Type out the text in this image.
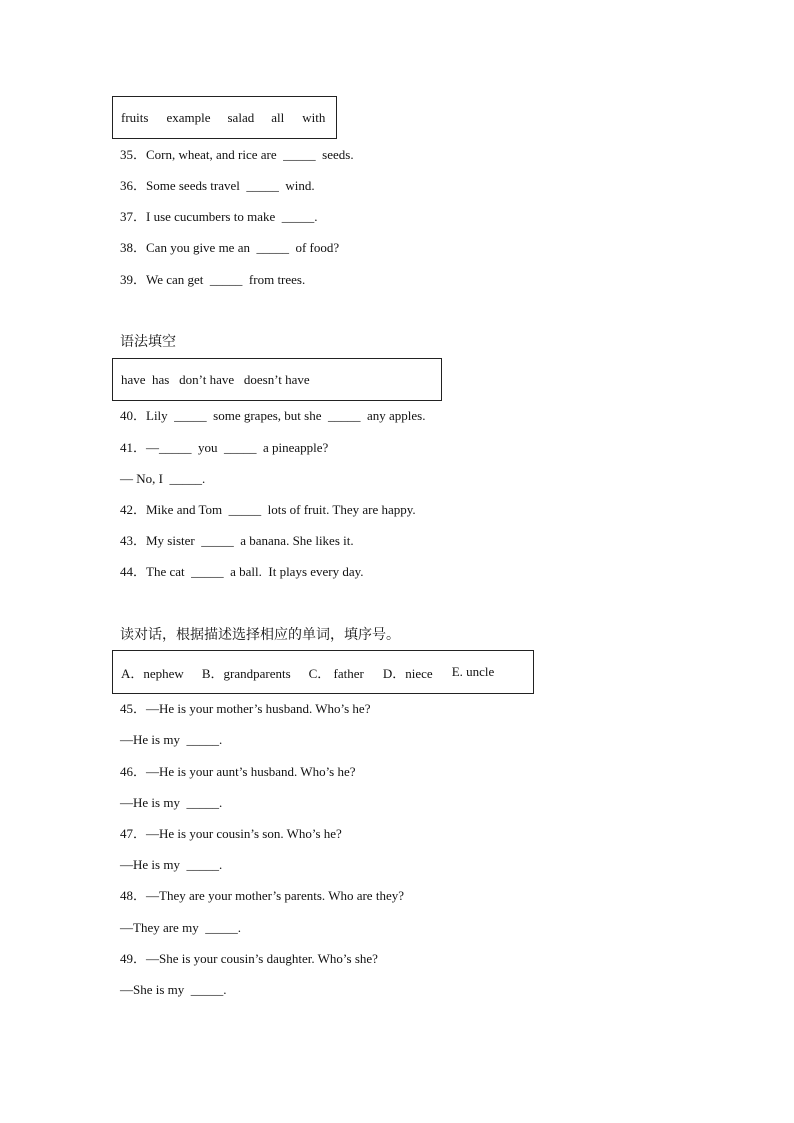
fruits example salad all with
35．Corn, wheat, and rice are  _____  seeds.
36．Some seeds travel  _____  wind.
37．I use cucumbers to make  _____.
38．Can you give me an  _____  of food?
39．We can get  _____  from trees.
语法填空
have  has   don’t have   doesn’t have
40．Lily  _____  some grapes, but she  _____  any apples.
41．—_____  you  _____  a pineapple?
— No, I  _____.
42．Mike and Tom  _____  lots of fruit. They are happy.
43．My sister  _____  a banana. She likes it.
44．The cat  _____  a ball.  It plays every day.
读对话，根据描述选择相应的单词，填序号。
A．nephew B．grandparents C． father D．niece E. uncle
45．—He is your mother’s husband. Who’s he?
—He is my  _____.
46．—He is your aunt’s husband. Who’s he?
—He is my  _____.
47．—He is your cousin’s son. Who’s he?
—He is my  _____.
48．—They are your mother’s parents. Who are they?
—They are my  _____.
49．—She is your cousin’s daughter. Who’s she?
—She is my  _____.
